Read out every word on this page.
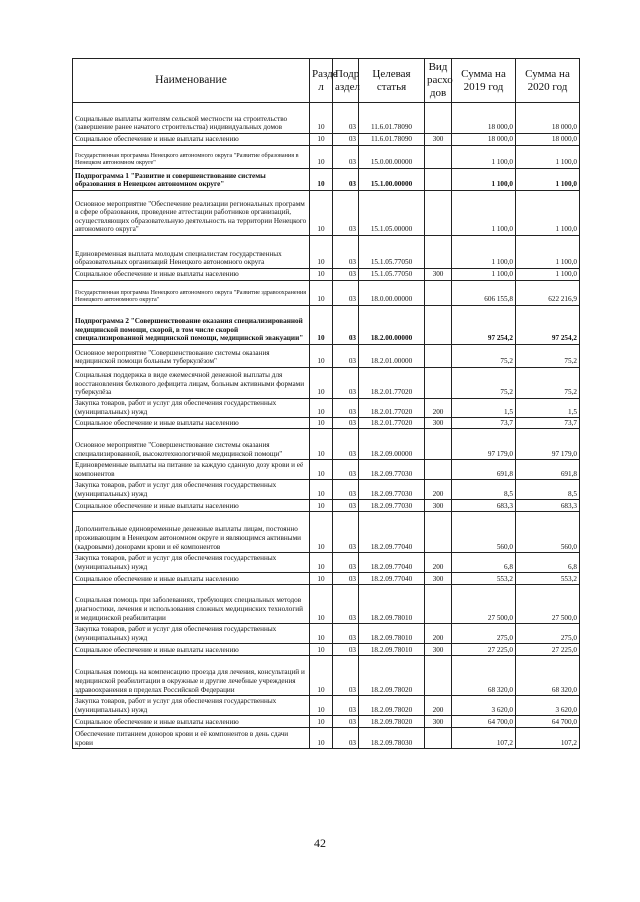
Наименование	Разде л	Подр аздел	Целевая статья	Вид расхо дов	Сумма на 2019 год	Сумма на 2020 год
Социальные выплаты жителям сельской местности на строительство (завершение ранее начатого строительства) индивидуальных домов	10	03	11.6.01.78090		18 000,0	18 000,0
Социальное обеспечение и иные выплаты населению	10	03	11.6.01.78090	300	18 000,0	18 000,0
Государственная программа Ненецкого автономного округа "Развитие образования в Ненецком автономном округе"	10	03	15.0.00.00000		1 100,0	1 100,0
Подпрограмма 1 "Развитие и совершенствование системы образования в Ненецком автономном округе"	10	03	15.1.00.00000		1 100,0	1 100,0
Основное мероприятие "Обеспечение реализации региональных программ в сфере образования, проведение аттестации работников организаций, осуществляющих образовательную деятельность на территории Ненецкого автономного округа"	10	03	15.1.05.00000		1 100,0	1 100,0
Единовременная выплата молодым специалистам государственных образовательных организаций Ненецкого автономного округа	10	03	15.1.05.77050		1 100,0	1 100,0
Социальное обеспечение и иные выплаты населению	10	03	15.1.05.77050	300	1 100,0	1 100,0
Государственная программа Ненецкого автономного округа "Развитие здравоохранения Ненецкого автономного округа"	10	03	18.0.00.00000		606 155,8	622 216,9
Подпрограмма 2 "Совершенствование оказания специализированной медицинской помощи, скорой, в том числе скорой специализированной медицинской помощи, медицинской эвакуации"	10	03	18.2.00.00000		97 254,2	97 254,2
Основное мероприятие "Совершенствование системы оказания медицинской помощи больным туберкулёзом"	10	03	18.2.01.00000		75,2	75,2
Социальная поддержка в виде ежемесячной денежной выплаты для восстановления белкового дефицита лицам, больным активными формами туберкулёза	10	03	18.2.01.77020		75,2	75,2
Закупка товаров, работ и услуг для обеспечения государственных (муниципальных) нужд	10	03	18.2.01.77020	200	1,5	1,5
Социальное обеспечение и иные выплаты населению	10	03	18.2.01.77020	300	73,7	73,7
Основное мероприятие "Совершенствование системы оказания специализированной, высокотехнологичной медицинской помощи"	10	03	18.2.09.00000		97 179,0	97 179,0
Единовременные выплаты на питание за каждую сданную дозу крови и её компонентов	10	03	18.2.09.77030		691,8	691,8
Закупка товаров, работ и услуг для обеспечения государственных (муниципальных) нужд	10	03	18.2.09.77030	200	8,5	8,5
Социальное обеспечение и иные выплаты населению	10	03	18.2.09.77030	300	683,3	683,3
Дополнительные единовременные денежные выплаты лицам, постоянно проживающим в Ненецком автономном округе и являющимся активными (кадровыми) донорами крови и её компонентов	10	03	18.2.09.77040		560,0	560,0
Закупка товаров, работ и услуг для обеспечения государственных (муниципальных) нужд	10	03	18.2.09.77040	200	6,8	6,8
Социальное обеспечение и иные выплаты населению	10	03	18.2.09.77040	300	553,2	553,2
Социальная помощь при заболеваниях, требующих специальных методов диагностики, лечения и использования сложных медицинских технологий и медицинской реабилитации	10	03	18.2.09.78010		27 500,0	27 500,0
Закупка товаров, работ и услуг для обеспечения государственных (муниципальных) нужд	10	03	18.2.09.78010	200	275,0	275,0
Социальное обеспечение и иные выплаты населению	10	03	18.2.09.78010	300	27 225,0	27 225,0
Социальная помощь на компенсацию проезда для лечения, консультаций и медицинской реабилитации в окружные и другие лечебные учреждения здравоохранения в пределах Российской Федерации	10	03	18.2.09.78020		68 320,0	68 320,0
Закупка товаров, работ и услуг для обеспечения государственных (муниципальных) нужд	10	03	18.2.09.78020	200	3 620,0	3 620,0
Социальное обеспечение и иные выплаты населению	10	03	18.2.09.78020	300	64 700,0	64 700,0
Обеспечение питанием доноров крови и её компонентов в день сдачи крови	10	03	18.2.09.78030		107,2	107,2
42
